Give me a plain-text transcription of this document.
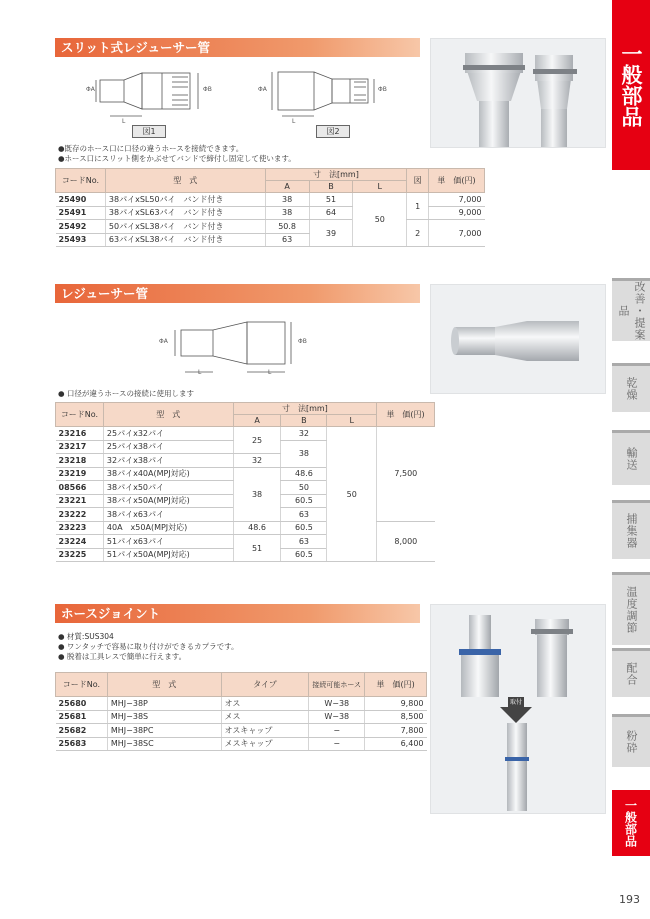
一般部品
改善・提案品
乾燥
輸送
捕集器
温度調節
配合
粉砕
一般部品
193
スリット式レジューサー管
ΦA	ΦB
L
図1
ΦA	ΦB
L
図2
●既存のホース口に口径の違うホースを接続できます。
●ホース口にスリット側をかぶせてバンドで締付し固定して使います。
コードNo.	型　式	寸　法[mm]			図	単　価(円)
		A	B	L		
25490	38パイxSL50パイ　バンド付き	38	51	50	1	7,000
25491	38パイxSL63パイ　バンド付き	38	64			9,000
25492	50パイxSL38パイ　バンド付き	50.8	39		2	7,000
25493	63パイxSL38パイ　バンド付き	63				
レジューサー管
ΦA	ΦB
L	L
● 口径が違うホースの接続に使用します
コードNo.	型　式	寸　法[mm]			単　価(円)
		A	B	L	
23216	25パイx32パイ	25	32	50	7,500
23217	25パイx38パイ		38		
23218	32パイx38パイ	32			
23219	38パイx40A(MPJ対応)	38	48.6		
08566	38パイx50パイ		50		
23221	38パイx50A(MPJ対応)		60.5		
23222	38パイx63パイ		63		
23223	40A　x50A(MPJ対応)	48.6	60.5		8,000
23224	51パイx63パイ	51	63		
23225	51パイx50A(MPJ対応)		60.5		
ホースジョイント
● 材質:SUS304
● ワンタッチで容易に取り付けができるカプラです。
● 脱着は工具レスで簡単に行えます。
コードNo.	型　式	タイプ	接続可能ホース	単　価(円)
25680	MHJ−38P	オス	W−38	9,800
25681	MHJ−38S	メス	W−38	8,500
25682	MHJ−38PC	オスキャップ	−	7,800
25683	MHJ−38SC	メスキャップ	−	6,400
取付
